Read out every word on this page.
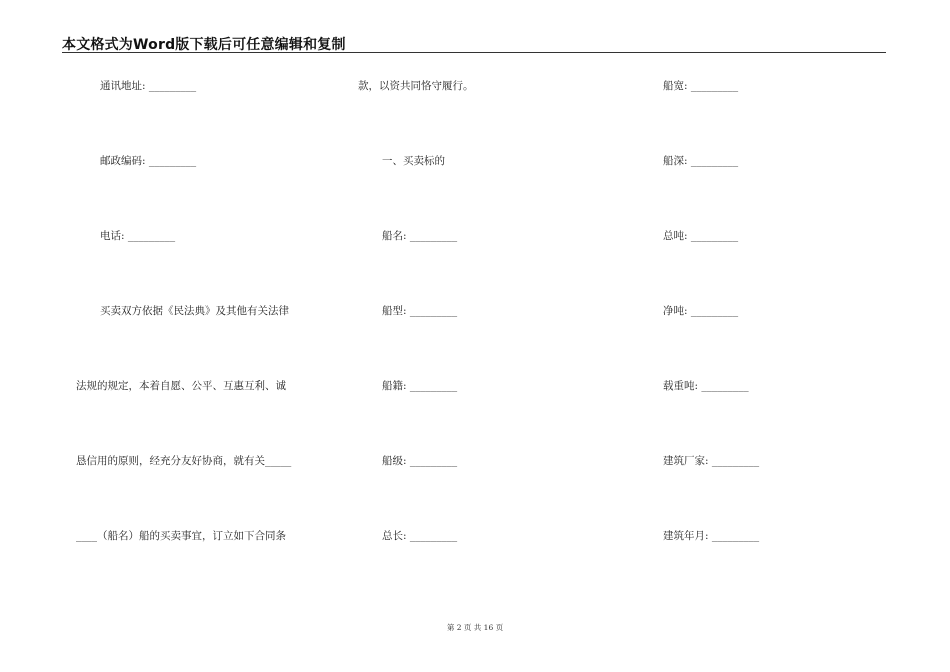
本文格式为Word版下载后可任意编辑和复制
通讯地址: _________
邮政编码: _________
电话: _________
买卖双方依据《民法典》及其他有关法律
法规的规定，本着自愿、公平、互惠互利、诚
恳信用的原则，经充分友好协商，就有关_____
____（船名）船的买卖事宜，订立如下合同条
款，以资共同恪守履行。
一、买卖标的
船名: _________
船型: _________
船籍: _________
船级: _________
总长: _________
船宽: _________
船深: _________
总吨: _________
净吨: _________
载重吨: _________
建筑厂家: _________
建筑年月: _________
第 2 页 共 16 页
